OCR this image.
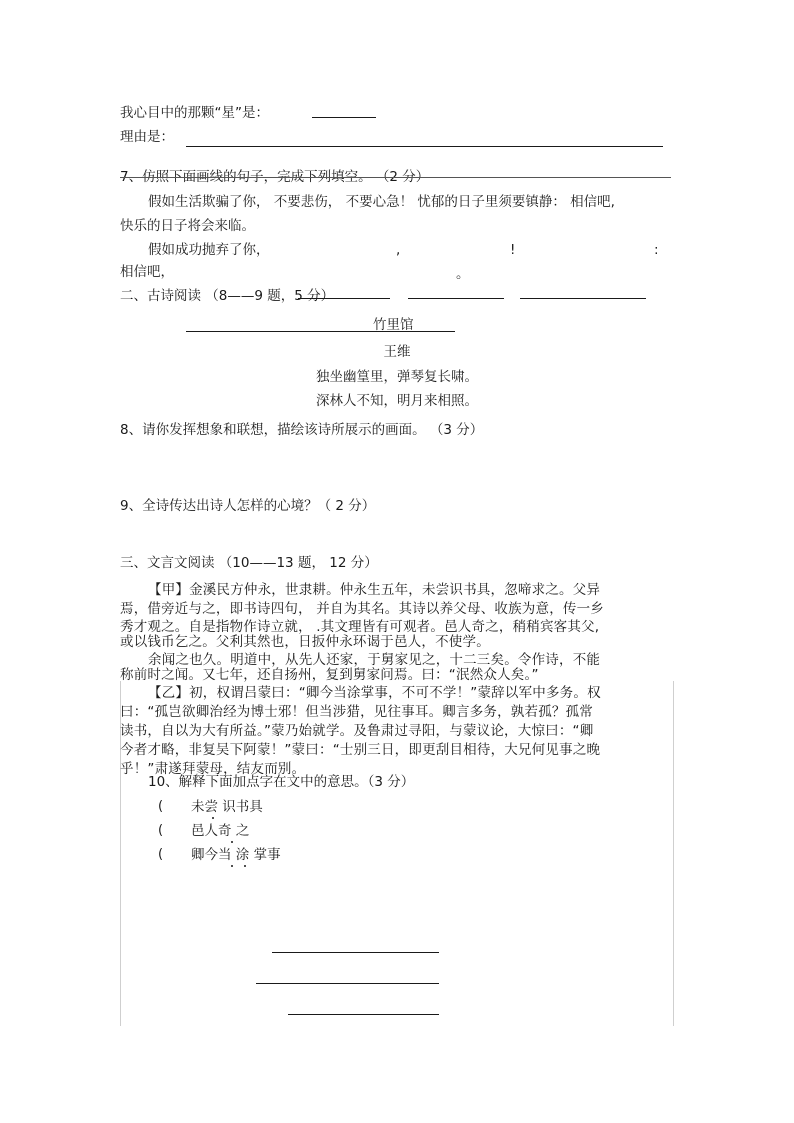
我心目中的那颗“星”是：
理由是：
7、仿照下面画线的句子，完成下列填空。 （2 分）
假如生活欺骗了你， 不要悲伤， 不要心急！ 忧郁的日子里须要镇静： 相信吧,
快乐的日子将会来临。
假如成功抛弃了你，	,	!	:
相信吧，	。
二、古诗阅读 （8——9 题，5 分）
竹里馆
王维
独坐幽篁里，弹琴复长啸。
深林人不知，明月来相照。
8、请你发挥想象和联想，描绘该诗所展示的画面。 （3 分）
9、全诗传达出诗人怎样的心境？（ 2 分）
三、文言文阅读 （10——13 题， 12 分）
【甲】金溪民方仲永，世隶耕。仲永生五年，未尝识书具，忽啼求之。父异
焉，借旁近与之，即书诗四句， 并自为其名。其诗以养父母、收族为意，传一乡
秀才观之。自是指物作诗立就， .其文理皆有可观者。邑人奇之，稍稍宾客其父,
或以钱币乞之。父利其然也，日扳仲永环谒于邑人，不使学。
余闻之也久。明道中，从先人还家，于舅家见之，十二三矣。令作诗，不能
称前时之闻。又七年，还自扬州，复到舅家问焉。曰：“泯然众人矣。”
【乙】初，权谓吕蒙曰：“卿今当涂掌事，不可不学！”蒙辞以军中多务。权
曰：“孤岂欲卿治经为博士邪！但当涉猎，见往事耳。卿言多务，孰若孤？孤常
读书，自以为大有所益。”蒙乃始就学。及鲁肃过寻阳，与蒙议论，大惊曰：“卿
今者才略，非复吴下阿蒙！”蒙曰：“士别三日，即更刮目相待，大兄何见事之晚
乎！”肃遂拜蒙母，结友而别。
10、解释下面加点字在文中的意思。（3 分）
( 未尝 识书具
( 邑人奇 之
( 卿今当 涂 掌事
